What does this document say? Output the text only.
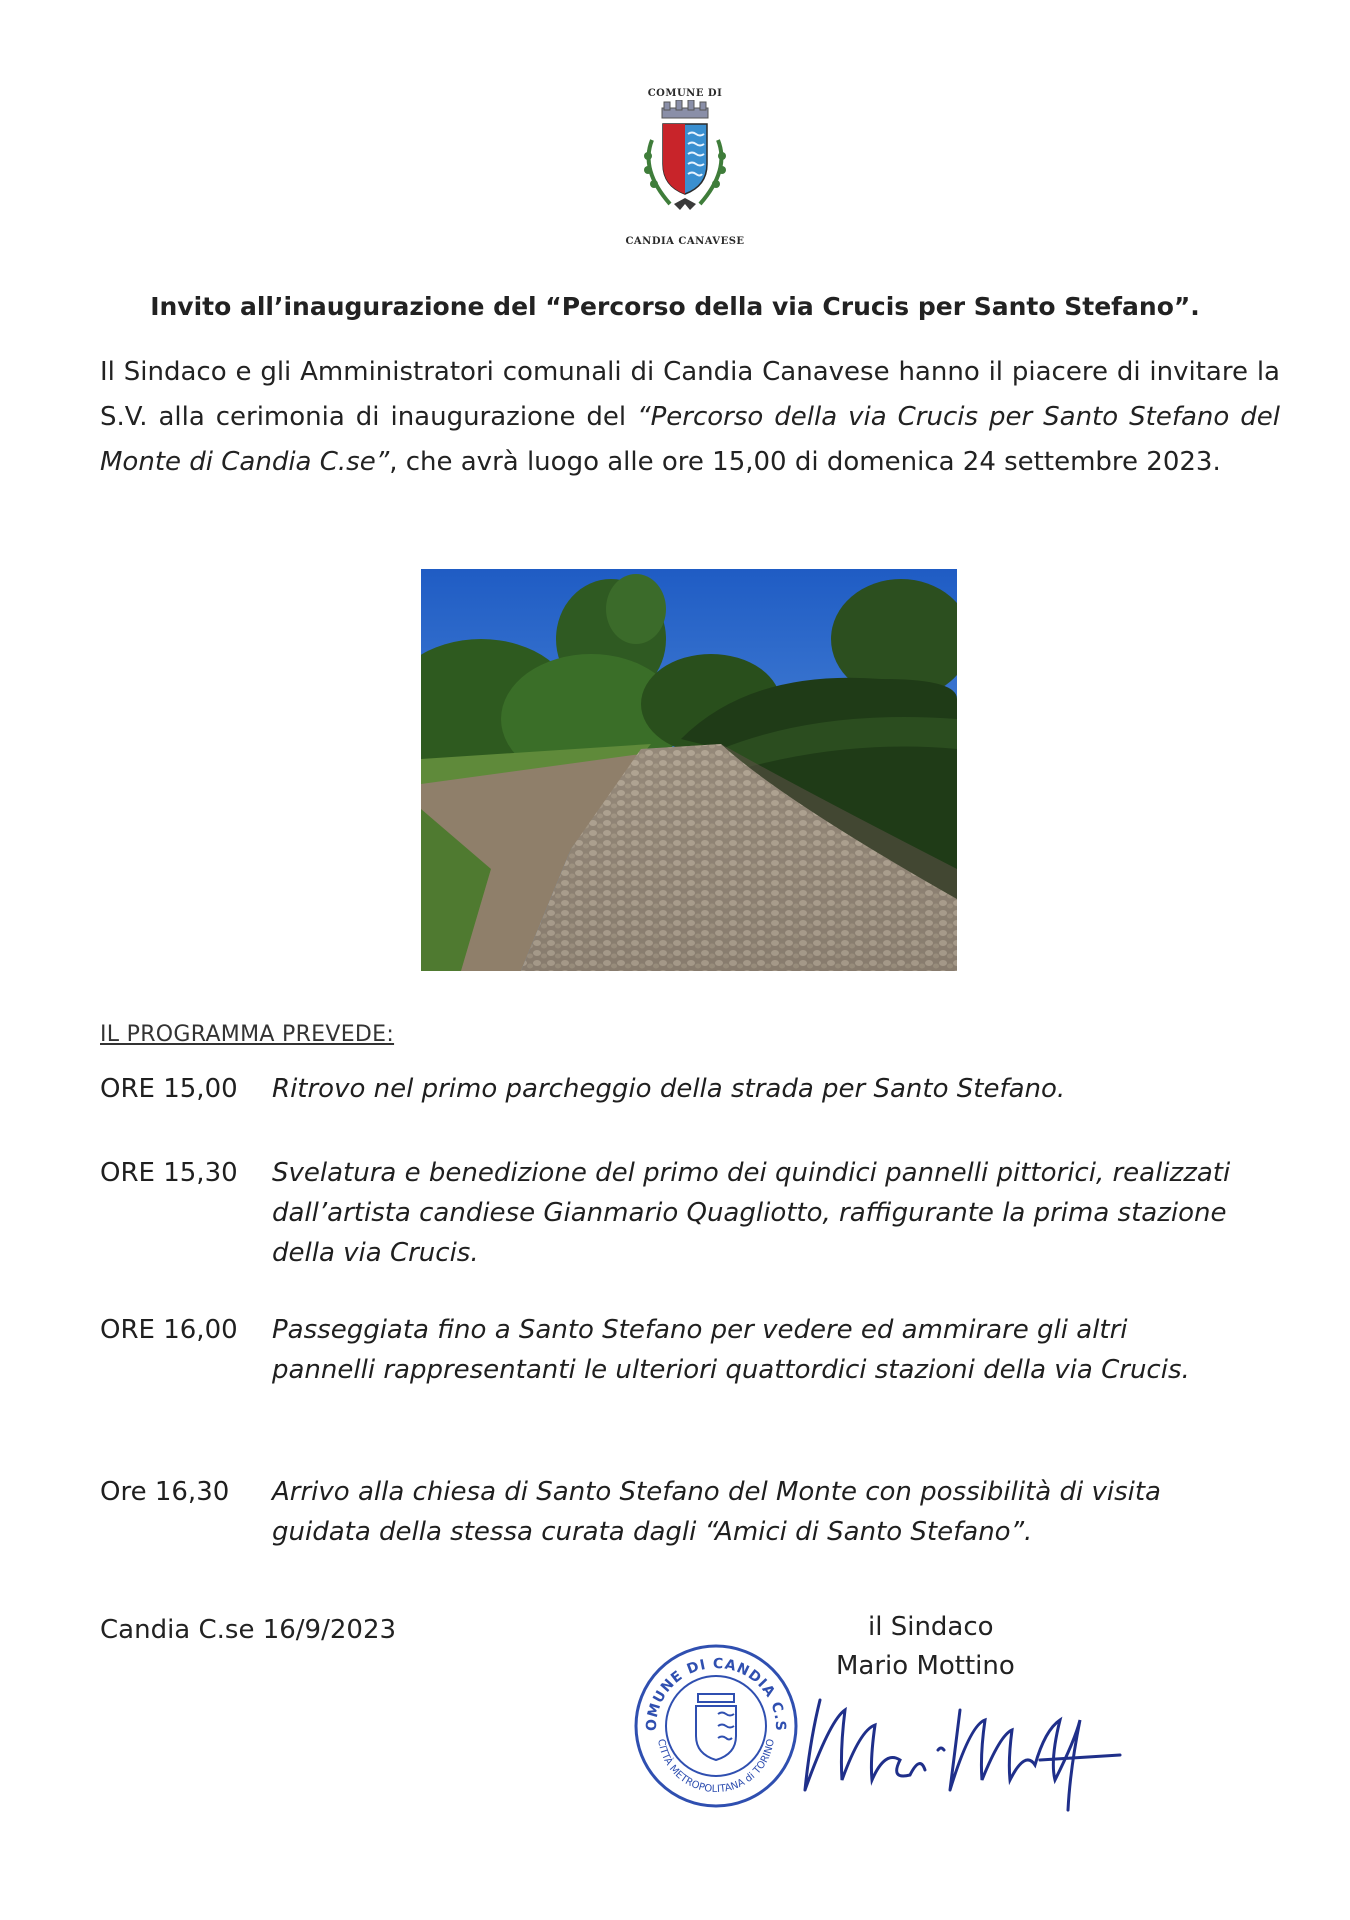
COMUNE DI
CANDIA CANAVESE
Invito all’inaugurazione del “Percorso della via Crucis per Santo Stefano”.
Il Sindaco e gli Amministratori comunali di Candia Canavese hanno il piacere di invitare la S.V. alla cerimonia di inaugurazione del “Percorso della via Crucis per Santo Stefano del Monte di Candia C.se”, che avrà luogo alle ore 15,00 di domenica 24 settembre 2023.
IL PROGRAMMA PREVEDE:
ORE 15,00 Ritrovo nel primo parcheggio della strada per Santo Stefano.
ORE 15,30 Svelatura e benedizione del primo dei quindici pannelli pittorici, realizzati dall’artista candiese Gianmario Quagliotto, raffigurante la prima stazione della via Crucis.
ORE 16,00 Passeggiata fino a Santo Stefano per vedere ed ammirare gli altri pannelli rappresentanti le ulteriori quattordici stazioni della via Crucis.
Ore 16,30 Arrivo alla chiesa di Santo Stefano del Monte con possibilità di visita guidata della stessa curata dagli “Amici di Santo Stefano”.
Candia C.se 16/9/2023	il Sindaco
Mario Mottino
OMUNE DI CANDIA C.S
CITTÀ METROPOLITANA di TORINO
